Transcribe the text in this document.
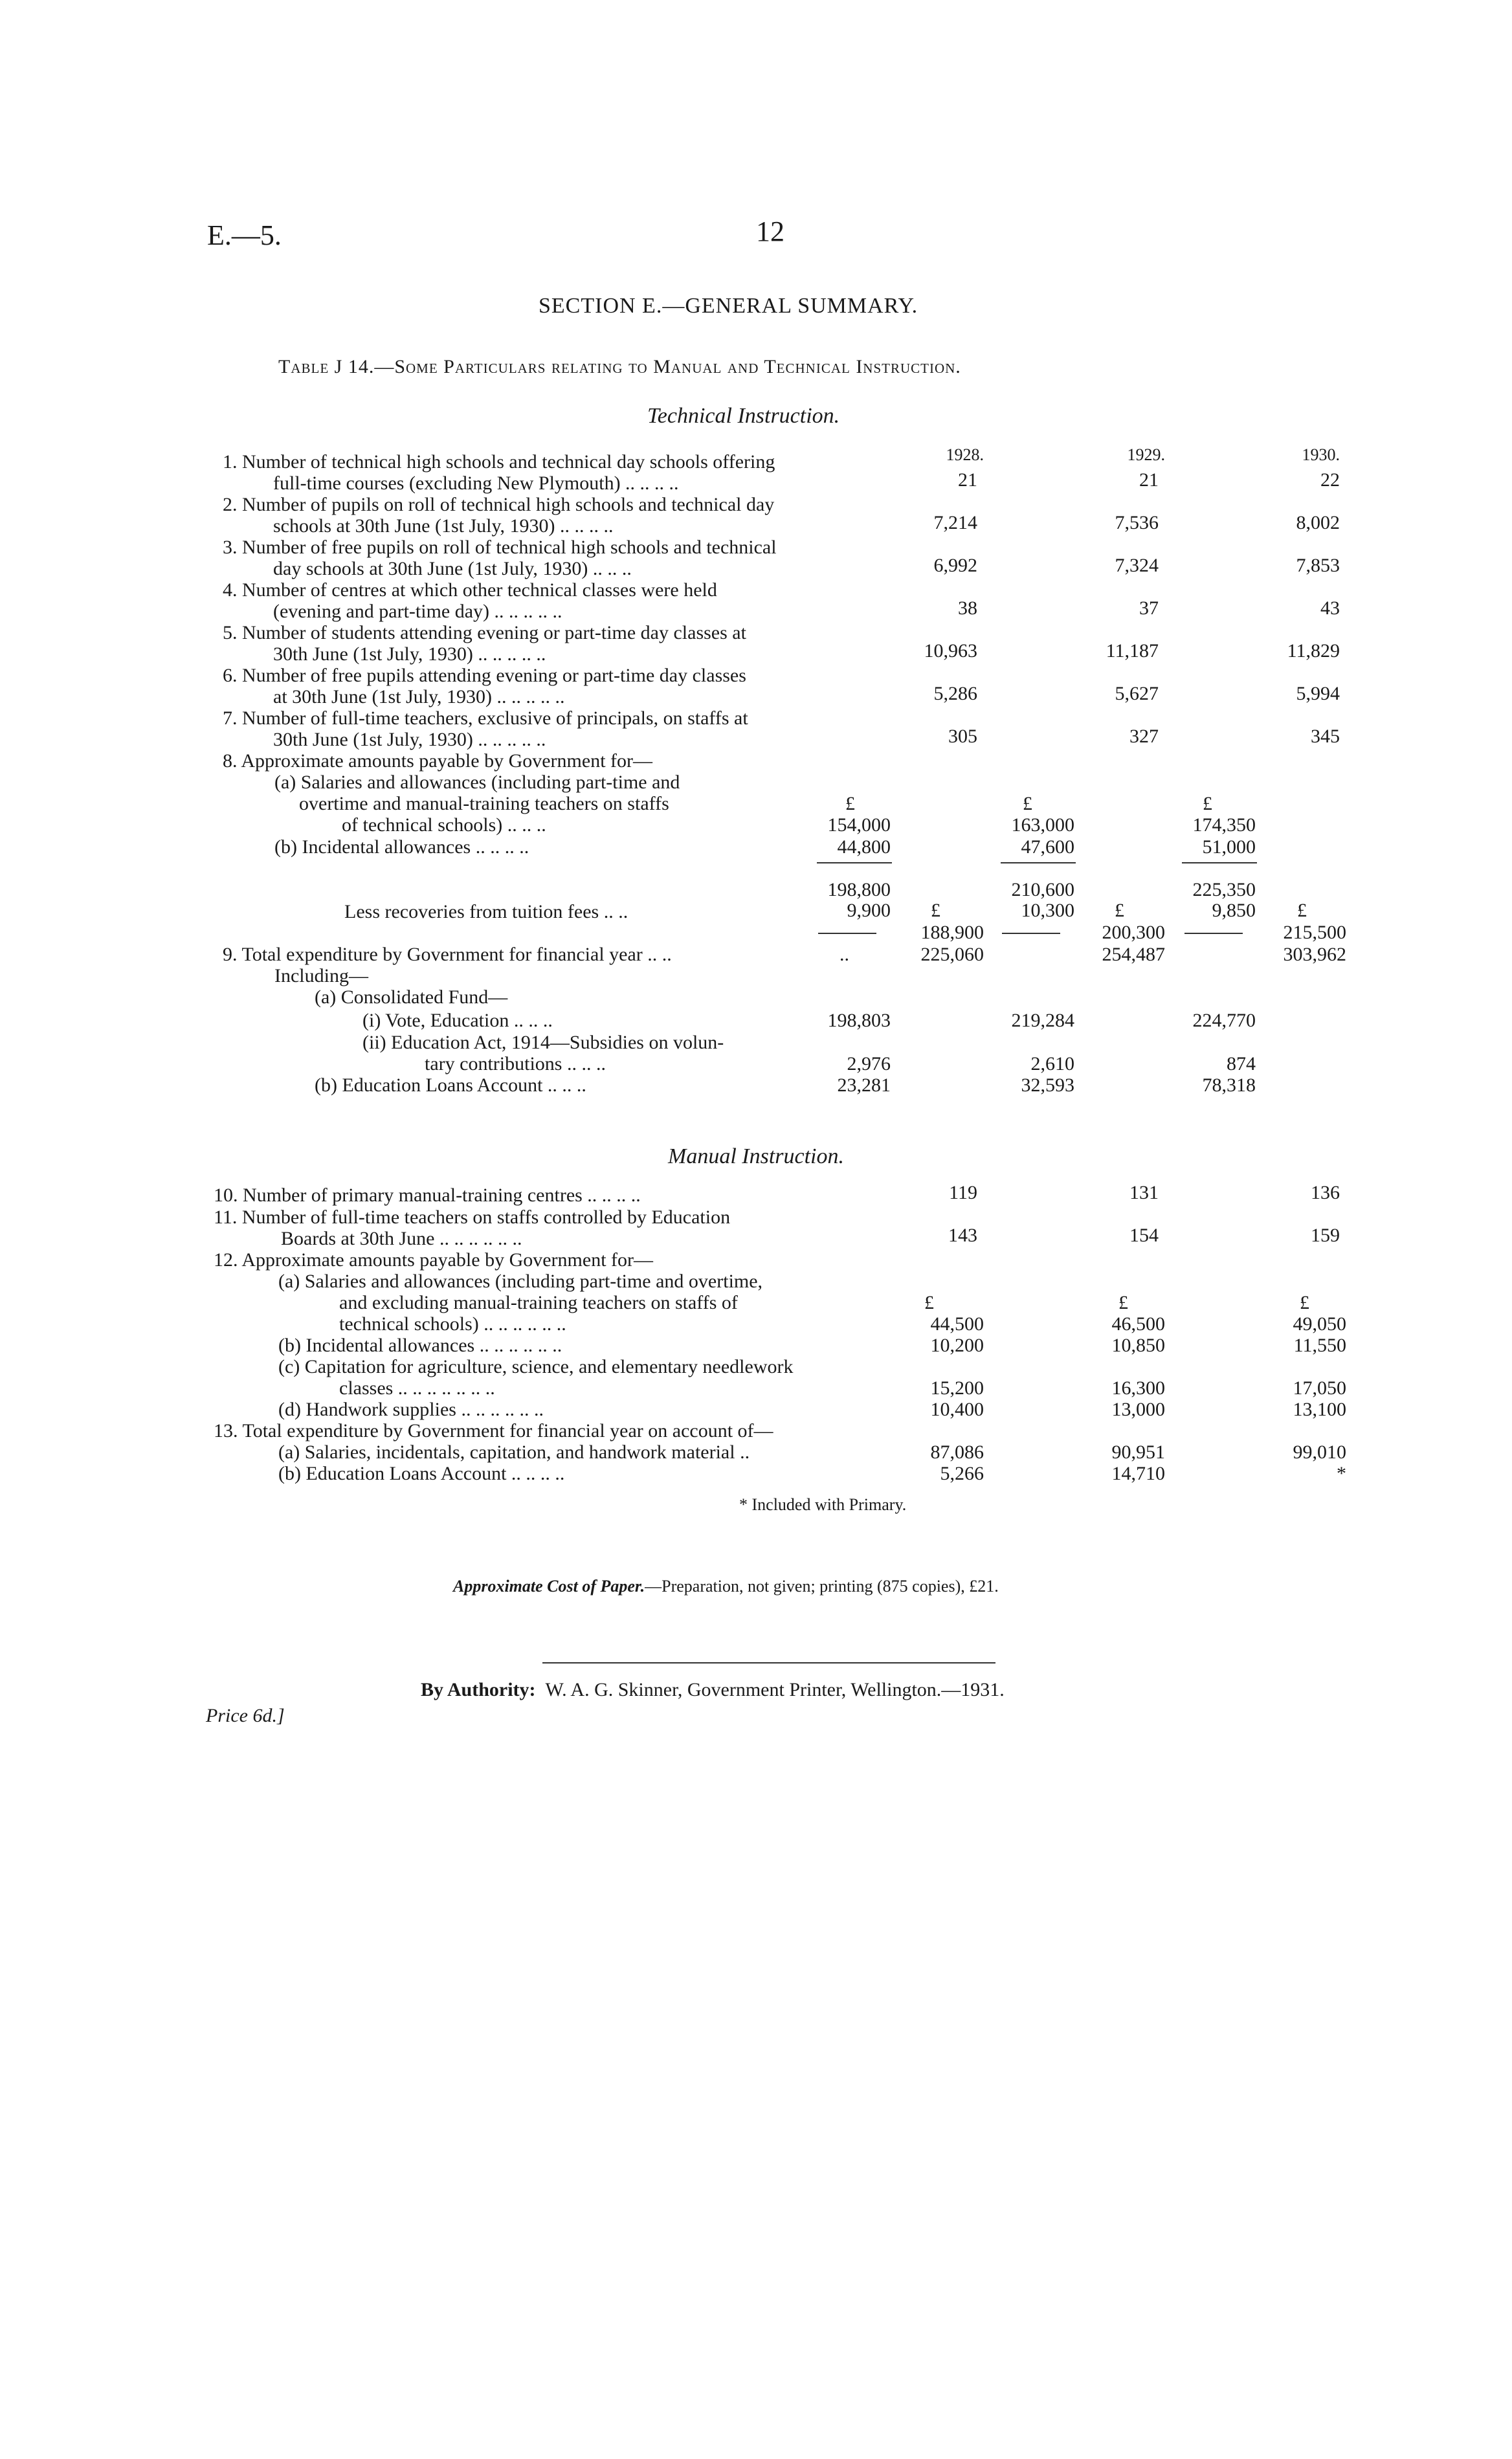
E.—5.	12
SECTION E.—GENERAL SUMMARY.
Table J 14.—Some Particulars relating to Manual and Technical Instruction.
Technical Instruction.
1928.	1929.	1930.
1. Number of technical high schools and technical day schools offering
full-time courses (excluding New Plymouth) .. .. .. ..	21	21	22
2. Number of pupils on roll of technical high schools and technical day
schools at 30th June (1st July, 1930) .. .. .. ..	7,214	7,536	8,002
3. Number of free pupils on roll of technical high schools and technical
day schools at 30th June (1st July, 1930) .. .. ..	6,992	7,324	7,853
4. Number of centres at which other technical classes were held
(evening and part-time day) .. .. .. .. ..	38	37	43
5. Number of students attending evening or part-time day classes at
30th June (1st July, 1930) .. .. .. .. ..	10,963	11,187	11,829
6. Number of free pupils attending evening or part-time day classes
at 30th June (1st July, 1930) .. .. .. .. ..	5,286	5,627	5,994
7. Number of full-time teachers, exclusive of principals, on staffs at
30th June (1st July, 1930) .. .. .. .. ..	305	327	345
8. Approximate amounts payable by Government for—
(a) Salaries and allowances (including part-time and
overtime and manual-training teachers on staffs
of technical schools) .. .. ..
(b) Incidental allowances .. .. .. ..
£	£	£
154,000	163,000	174,350
44,800	47,600	51,000
198,800	210,600	225,350
Less recoveries from tuition fees .. ..	9,900	10,300	9,850
£	£	£
188,900	200,300	215,500
9. Total expenditure by Government for financial year .. ..	..	225,060	254,487	303,962
Including—
(a) Consolidated Fund—
(i) Vote, Education .. .. ..	198,803	219,284	224,770
(ii) Education Act, 1914—Subsidies on volun-
tary contributions .. .. ..	2,976	2,610	874
(b) Education Loans Account .. .. ..	23,281	32,593	78,318
Manual Instruction.
10. Number of primary manual-training centres .. .. .. ..	119	131	136
11. Number of full-time teachers on staffs controlled by Education
Boards at 30th June .. .. .. .. .. ..	143	154	159
12. Approximate amounts payable by Government for—
(a) Salaries and allowances (including part-time and overtime,
and excluding manual-training teachers on staffs of
technical schools) .. .. .. .. .. ..
£	£	£
44,500	46,500	49,050
(b) Incidental allowances .. .. .. .. .. ..	10,200	10,850	11,550
(c) Capitation for agriculture, science, and elementary needlework
classes .. .. .. .. .. .. ..	15,200	16,300	17,050
(d) Handwork supplies .. .. .. .. .. ..	10,400	13,000	13,100
13. Total expenditure by Government for financial year on account of—
(a) Salaries, incidentals, capitation, and handwork material ..	87,086	90,951	99,010
(b) Education Loans Account .. .. .. ..	5,266	14,710	*
* Included with Primary.
Approximate Cost of Paper.—Preparation, not given; printing (875 copies), £21.
By Authority: W. A. G. Skinner, Government Printer, Wellington.—1931.
Price 6d.]
